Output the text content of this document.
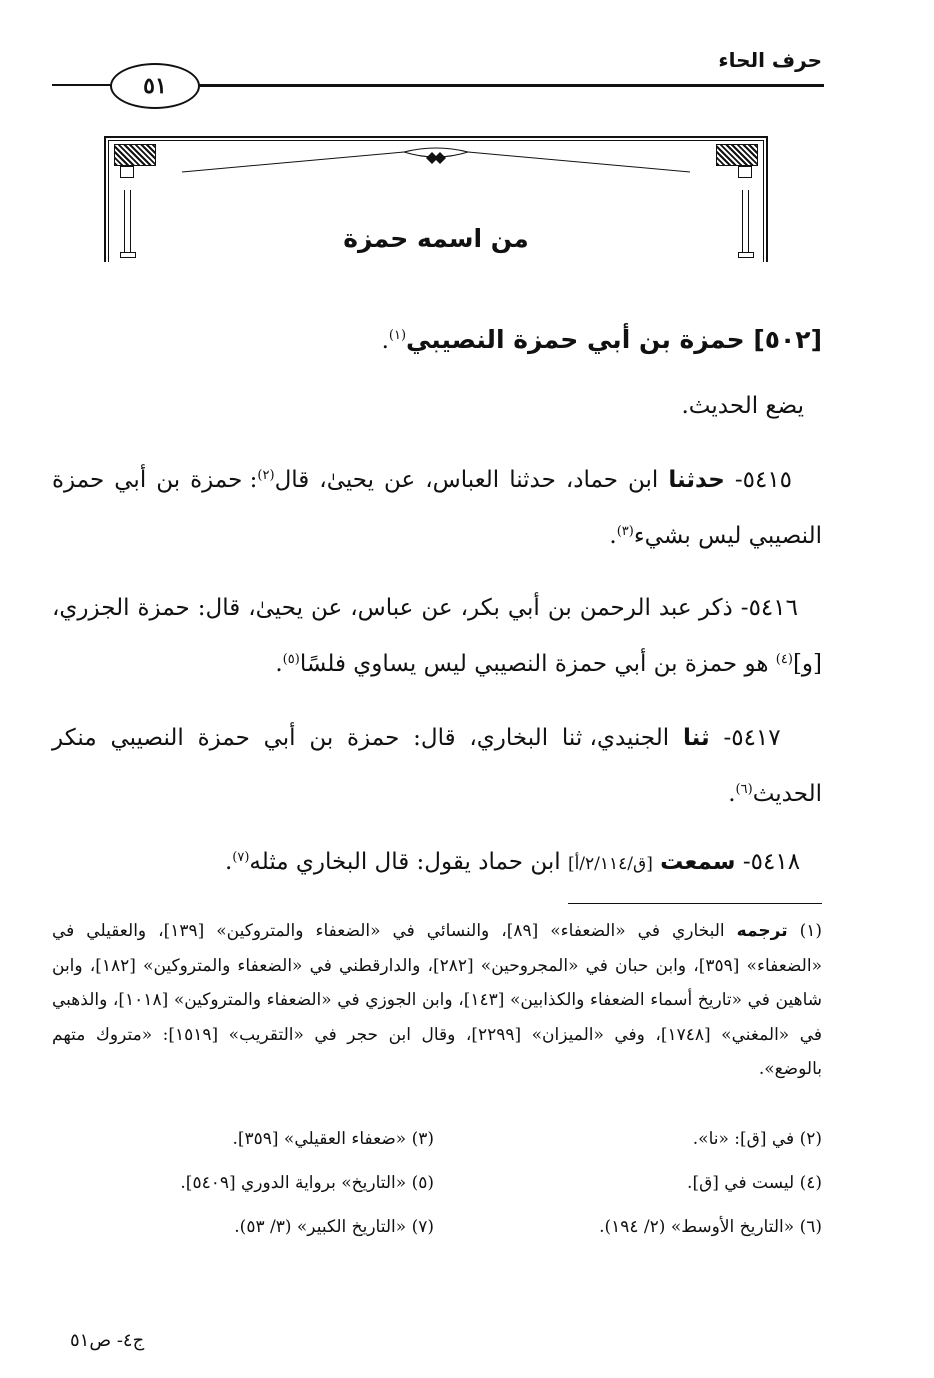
حرف الحاء
٥١
من اسمه حمزة
[٥٠٢] حمزة بن أبي حمزة النصيبي$^{(١)}$.
يضع الحديث.
٥٤١٥- حدثنا ابن حماد، حدثنا العباس، عن يحيىٰ، قال$^{(٢)}$: حمزة بن أبي حمزة النصيبي ليس بشيء$^{(٣)}$.
٥٤١٦- ذكر عبد الرحمن بن أبي بكر، عن عباس، عن يحيىٰ، قال: حمزة الجزري، [و]$^{(٤)}$ هو حمزة بن أبي حمزة النصيبي ليس يساوي فلسًا$^{(٥)}$.
٥٤١٧- ثنا الجنيدي، ثنا البخاري، قال: حمزة بن أبي حمزة النصيبي منكر الحديث$^{(٦)}$.
٥٤١٨- سمعت [ق/٢/١١٤/أ] ابن حماد يقول: قال البخاري مثله$^{(٧)}$.
(١) ترجمه البخاري في «الضعفاء» [٨٩]، والنسائي في «الضعفاء والمتروكين» [١٣٩]، والعقيلي في «الضعفاء» [٣٥٩]، وابن حبان في «المجروحين» [٢٨٢]، والدارقطني في «الضعفاء والمتروكين» [١٨٢]، وابن شاهين في «تاريخ أسماء الضعفاء والكذابين» [١٤٣]، وابن الجوزي في «الضعفاء والمتروكين» [١٠١٨]، والذهبي في «المغني» [١٧٤٨]، وفي «الميزان» [٢٢٩٩]، وقال ابن حجر في «التقريب» [١٥١٩]: «متروك متهم بالوضع».
(٢) في [ق]: «نا».
(٣) «ضعفاء العقيلي» [٣٥٩].
(٤) ليست في [ق].
(٥) «التاريخ» برواية الدوري [٥٤٠٩].
(٦) «التاريخ الأوسط» (٢/ ١٩٤).
(٧) «التاريخ الكبير» (٣/ ٥٣).
ج٤- ص٥١
